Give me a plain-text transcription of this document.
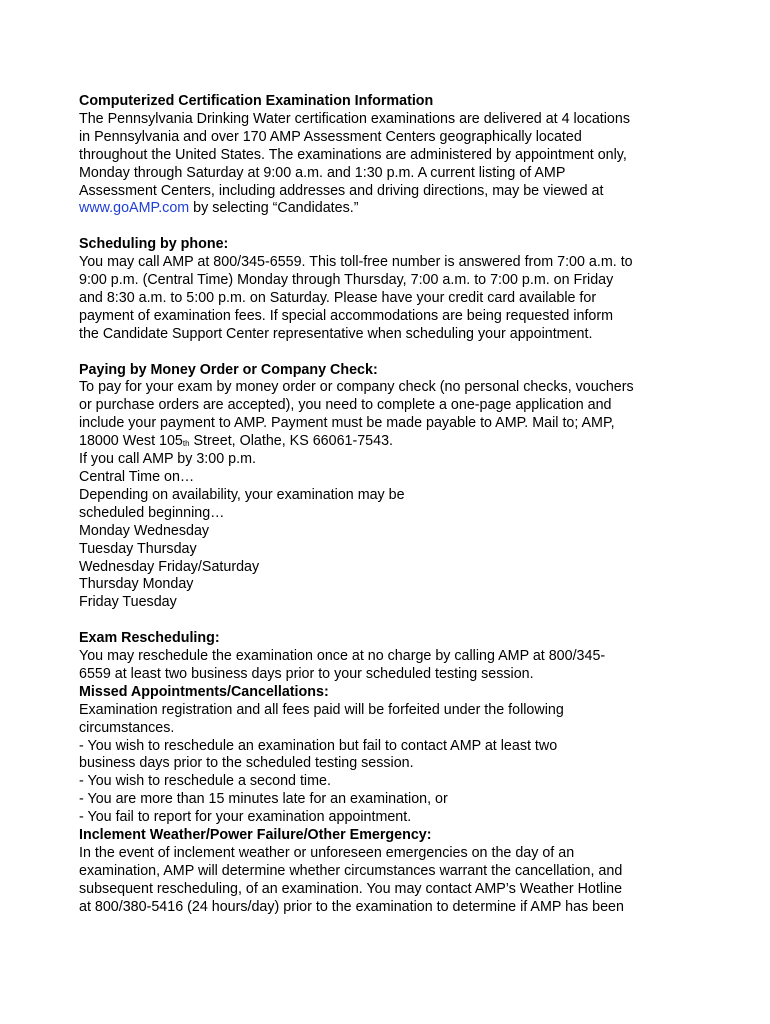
Computerized Certification Examination Information
The Pennsylvania Drinking Water certification examinations are delivered at 4 locations
in Pennsylvania and over 170 AMP Assessment Centers geographically located
throughout the United States. The examinations are administered by appointment only,
Monday through Saturday at 9:00 a.m. and 1:30 p.m. A current listing of AMP
Assessment Centers, including addresses and driving directions, may be viewed at
www.goAMP.com by selecting “Candidates.”
Scheduling by phone:
You may call AMP at 800/345-6559. This toll-free number is answered from 7:00 a.m. to
9:00 p.m. (Central Time) Monday through Thursday, 7:00 a.m. to 7:00 p.m. on Friday
and 8:30 a.m. to 5:00 p.m. on Saturday. Please have your credit card available for
payment of examination fees. If special accommodations are being requested inform
the Candidate Support Center representative when scheduling your appointment.
Paying by Money Order or Company Check:
To pay for your exam by money order or company check (no personal checks, vouchers
or purchase orders are accepted), you need to complete a one-page application and
include your payment to AMP. Payment must be made payable to AMP. Mail to; AMP,
18000 West $105_{th}$ Street, Olathe, KS 66061-7543.
If you call AMP by 3:00 p.m.
Central Time on…
Depending on availability, your examination may be
scheduled beginning…
Monday Wednesday
Tuesday Thursday
Wednesday Friday/Saturday
Thursday Monday
Friday Tuesday
Exam Rescheduling:
You may reschedule the examination once at no charge by calling AMP at 800/345-
6559 at least two business days prior to your scheduled testing session.
Missed Appointments/Cancellations:
Examination registration and all fees paid will be forfeited under the following
circumstances.
- You wish to reschedule an examination but fail to contact AMP at least two
business days prior to the scheduled testing session.
- You wish to reschedule a second time.
- You are more than 15 minutes late for an examination, or
- You fail to report for your examination appointment.
Inclement Weather/Power Failure/Other Emergency:
In the event of inclement weather or unforeseen emergencies on the day of an
examination, AMP will determine whether circumstances warrant the cancellation, and
subsequent rescheduling, of an examination. You may contact AMP’s Weather Hotline
at 800/380-5416 (24 hours/day) prior to the examination to determine if AMP has been
